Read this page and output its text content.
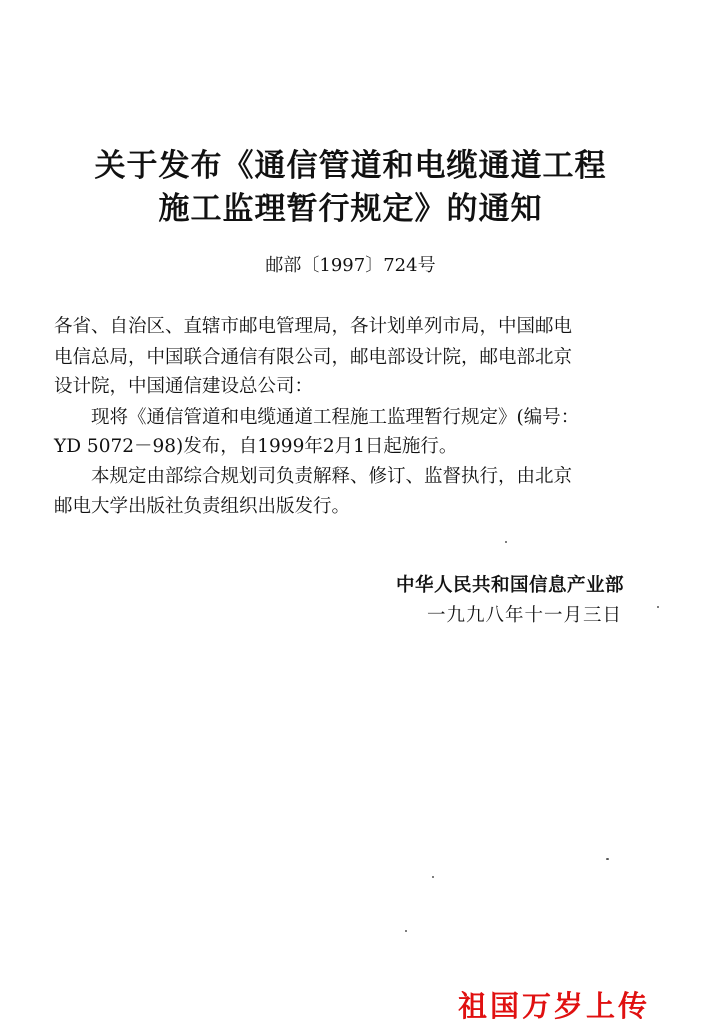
关于发布《通信管道和电缆通道工程
施工监理暂行规定》的通知
邮部〔1997〕724号
各省、自治区、直辖市邮电管理局，各计划单列市局，中国邮电
电信总局，中国联合通信有限公司，邮电部设计院，邮电部北京
设计院，中国通信建设总公司：
　　现将《通信管道和电缆通道工程施工监理暂行规定》(编号：
YD 5072－98)发布，自1999年2月1日起施行。
　　本规定由部综合规划司负责解释、修订、监督执行，由北京
邮电大学出版社负责组织出版发行。
中华人民共和国信息产业部
一九九八年十一月三日
祖国万岁上传
